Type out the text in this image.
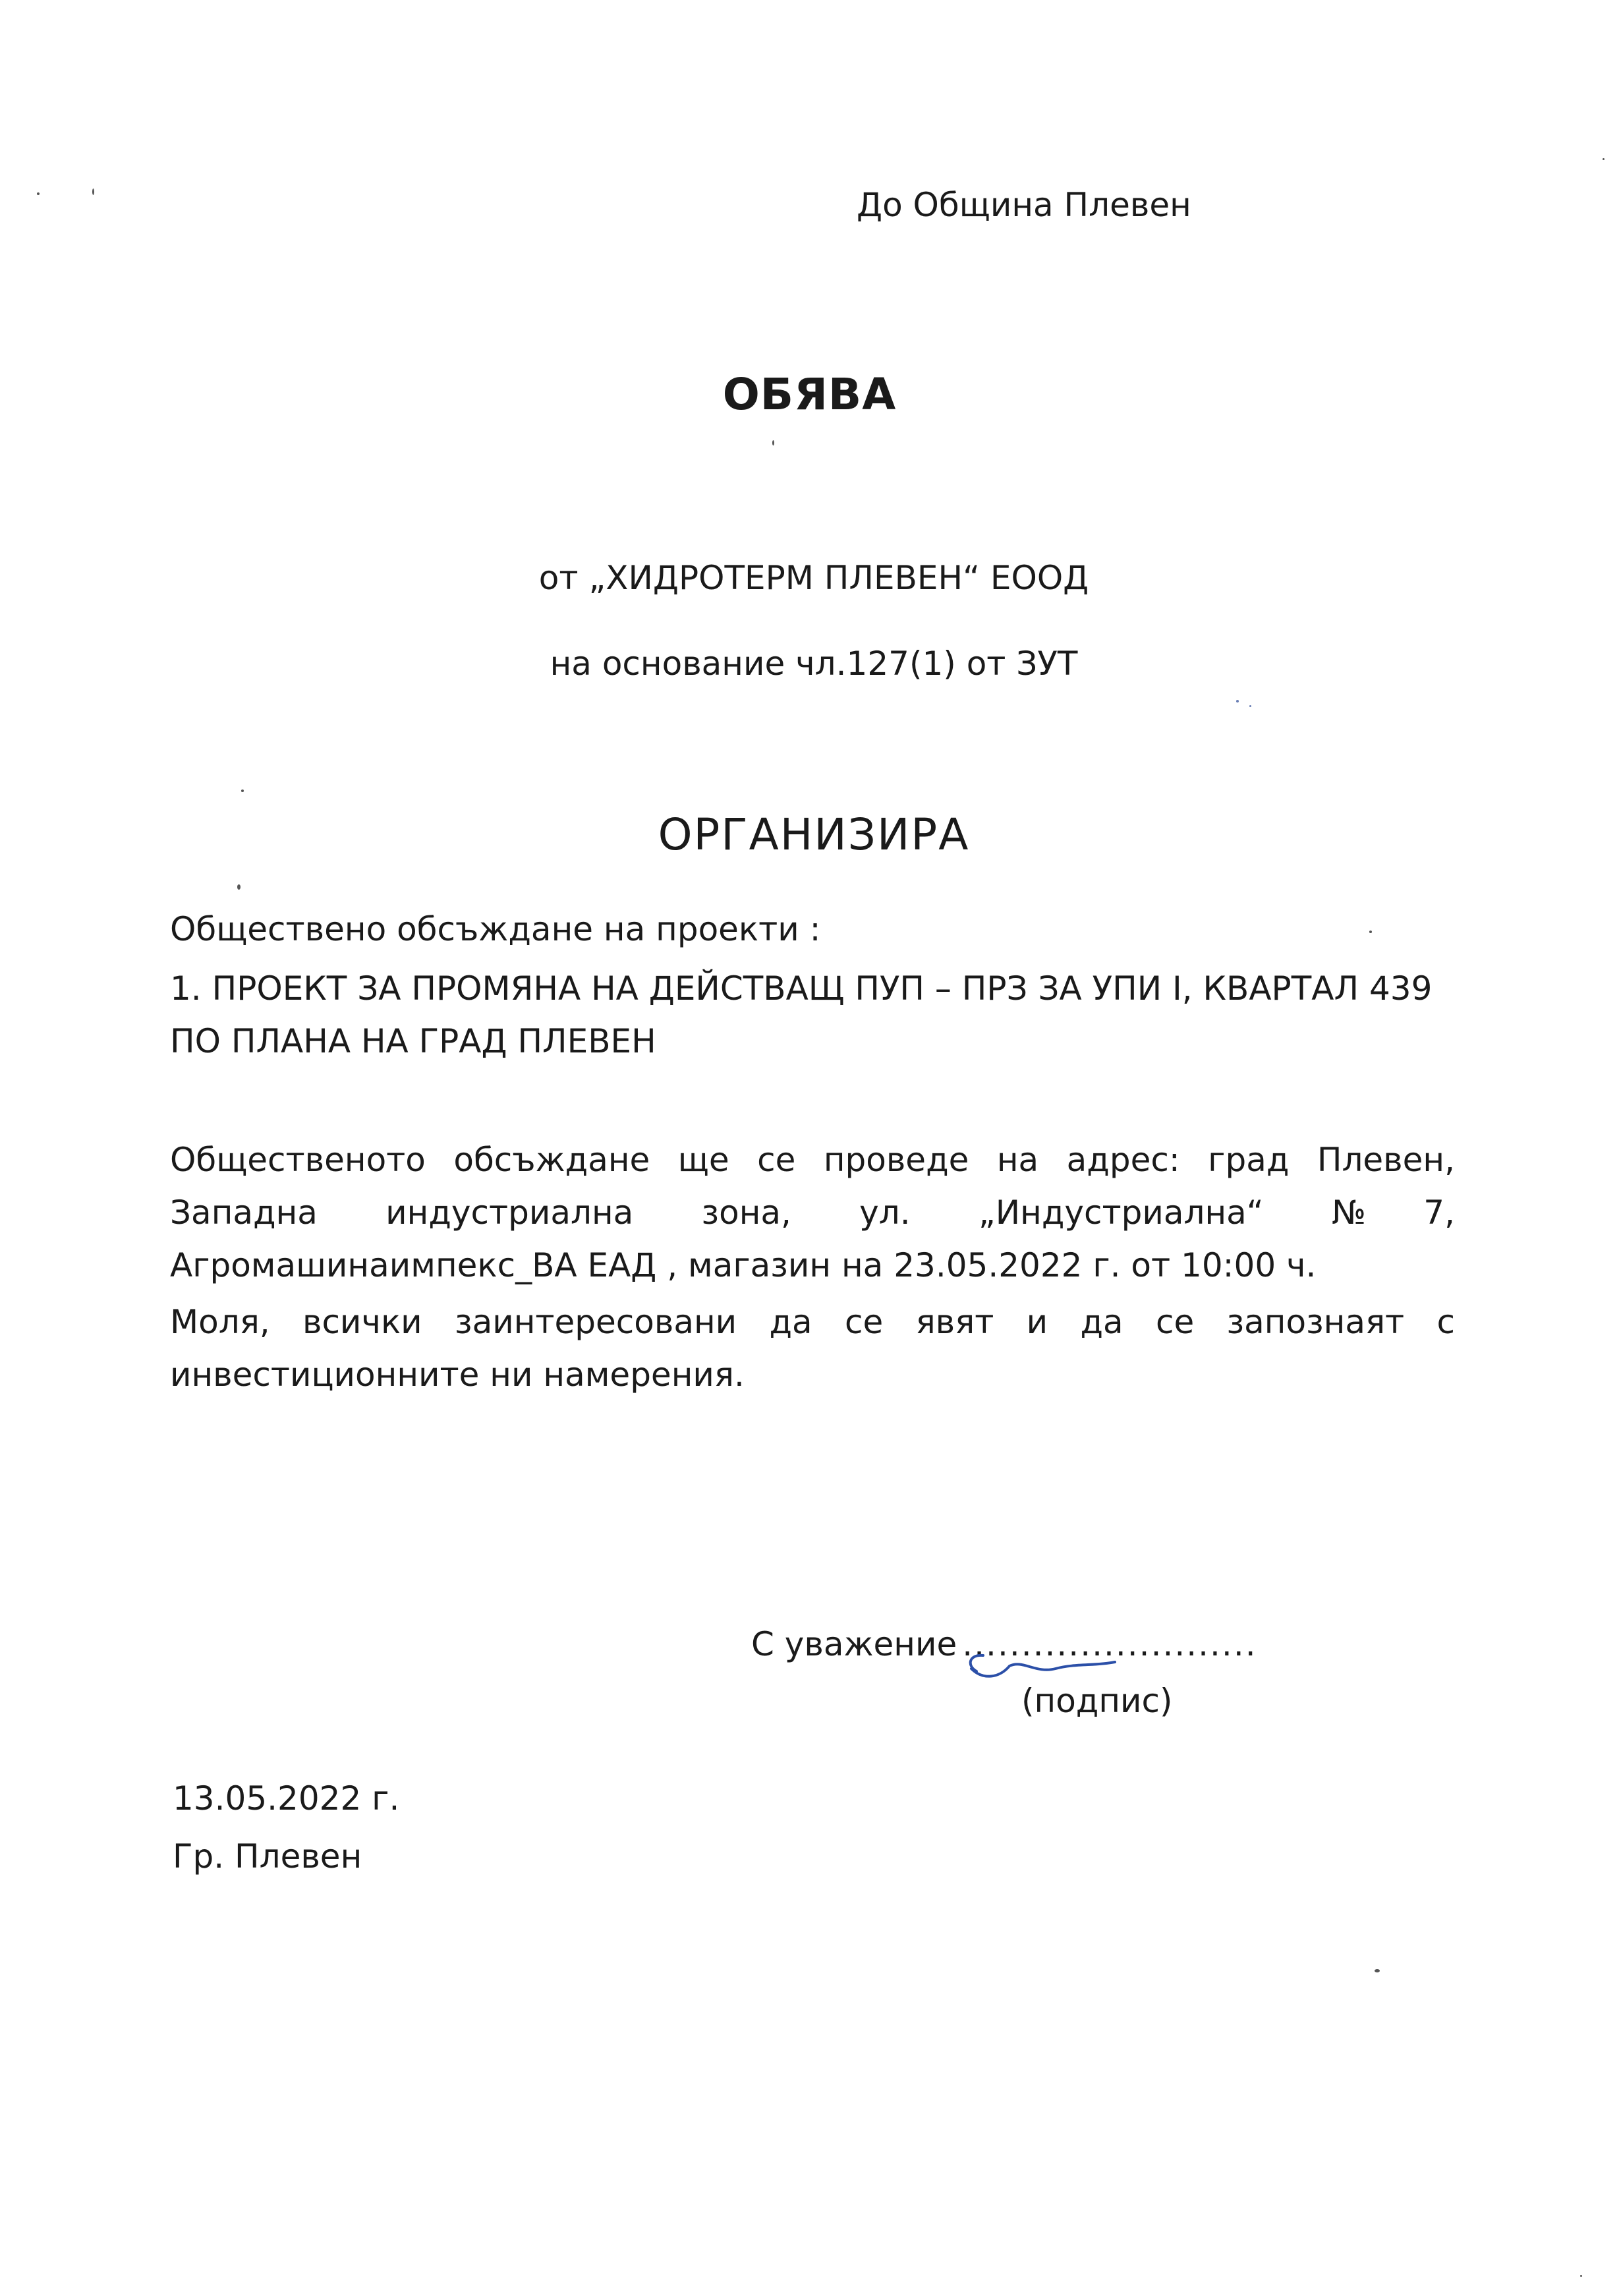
До Община Плевен
ОБЯВА
от „ХИДРОТЕРМ ПЛЕВЕН“ ЕООД
на основание чл.127(1) от ЗУТ
ОРГАНИЗИРА
Обществено обсъждане на проекти :
1. ПРОЕКТ ЗА ПРОМЯНА НА ДЕЙСТВАЩ ПУП – ПРЗ ЗА УПИ I, КВАРТАЛ 439 ПО ПЛАНА НА ГРАД ПЛЕВЕН
Общественото обсъждане ще се проведе на адрес: град Плевен, Западна индустриална зона, ул. „Индустриална“ №7, Агромашинаимпекс_ВА ЕАД , магазин на 23.05.2022 г. от 10:00 ч.
Моля, всички заинтересовани да се явят и да се запознаят с инвестиционните ни намерения.
С уважение .........................
(подпис)
13.05.2022 г.
Гр. Плевен
